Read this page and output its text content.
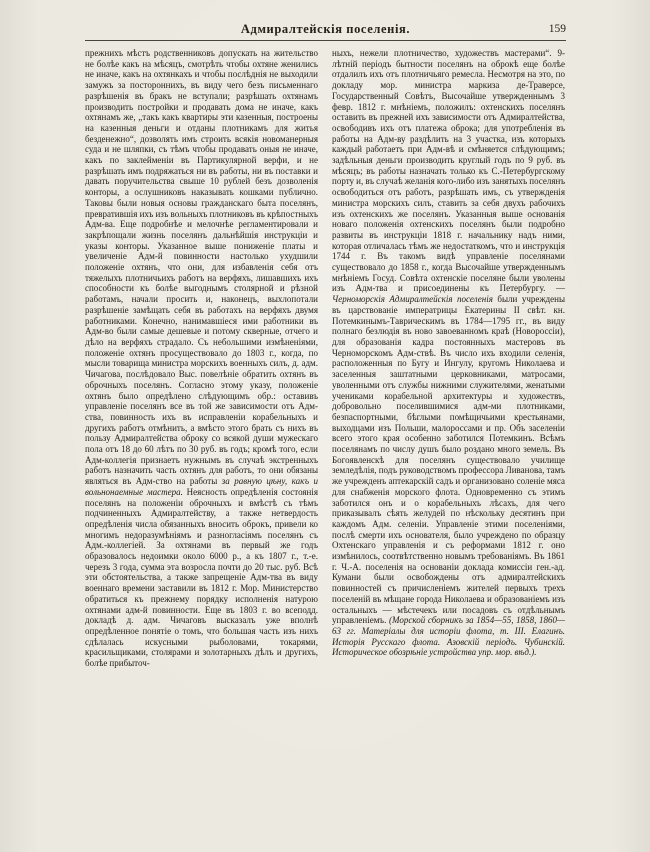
Адмиралтейскія поселенія.	159
прежнихъ мѣстъ родственниковъ допускать на жительство не болѣе какъ на мѣсяцъ, смотрѣть чтобы охтяне женились не иначе, какъ на охтянкахъ и чтобы послѣднія не выходили замужъ за постороннихъ, въ виду чего безъ письменнаго разрѣшенія въ бракъ не вступали; разрѣшать охтянамъ производить постройки и продавать дома не иначе, какъ охтянамъ же, „такъ какъ квартиры эти казенныя, построены на казенныя деньги и отданы плотникамъ для житья безденежно“, дозволять имъ строить всякія новоманерныя суда и не шляпки, съ тѣмъ чтобы продавать оныя не иначе, какъ по заклейменіи въ Партикулярной верфи, и не разрѣшать имъ подряжаться ни въ работы, ни въ поставки и давать поручительства свыше 10 рублей безъ дозволенія конторы, а ослушниковъ наказывать кошками публично. Таковы были новыя основы гражданскаго быта поселянъ, превратившія ихъ изъ вольныхъ плотниковъ въ крѣпостныхъ Адм-ва. Еще подробнѣе и мелочнѣе регламентировали и закрѣпощали жизнь поселянъ дальнѣйшія инструкціи и указы конторы. Указанное выше пониженіе платы и увеличеніе Адм-й повинности настолько ухудшили положеніе охтянъ, что они, для избавленія себя отъ тяжелыхъ плотничьихъ работъ на верфяхъ, лишавшихъ ихъ способности къ болѣе выгоднымъ столярной и рѣзной работамъ, начали просить и, наконецъ, выхлопотали разрѣшеніе замѣщать себя въ работахъ на верфяхъ двумя работниками. Конечно, нанимавшіеся ими работники въ Адм-во были самые дешевые и потому скверные, отчего и дѣло на верфяхъ страдало. Съ небольшими измѣненіями, положеніе охтянъ просуществовало до 1803 г., когда, по мысли товарища министра морскихъ военныхъ силъ, д. адм. Чичагова, послѣдовало Выс. повелѣніе обратить охтянъ въ оброчныхъ поселянъ. Согласно этому указу, положеніе охтянъ было опредѣлено слѣдующимъ обр.: оставивъ управленіе поселянъ все въ той же зависимости отъ Адм-ства, повинность ихъ въ исправленіи корабельныхъ и другихъ работъ отмѣнить, а вмѣсто этого брать съ нихъ въ пользу Адмиралтейства оброку со всякой души мужескаго пола отъ 18 до 60 лѣтъ по 30 руб. въ годъ; кромѣ того, если Адм-коллегія признаетъ нужнымъ въ случаѣ экстренныхъ работъ назначить часть охтянъ для работъ, то они обязаны являться въ Адм-ство на работы за равную цѣну, какъ и вольнонаемные мастера. Неясность опредѣленія состоянія поселянъ на положеніи оброчныхъ и вмѣстѣ съ тѣмъ подчиненныхъ Адмиралтейству, а также нетвердость опредѣленія числа обязанныхъ вносить оброкъ, привели ко многимъ недоразумѣніямъ и разногласіямъ поселянъ съ Адм.-коллегіей. За охтянами въ первый же годъ образовалось недоимки около 6000 р., а къ 1807 г., т.-е. черезъ 3 года, сумма эта возросла почти до 20 тыс. руб. Всѣ эти обстоятельства, а также запрещеніе Адм-тва въ виду военнаго времени заставили въ 1812 г. Мор. Министерство обратиться къ прежнему порядку исполненія натурою охтянами адм-й повинности. Еще въ 1803 г. во всеподд. докладѣ д. адм. Чичаговъ высказалъ уже вполнѣ опредѣленное понятіе о томъ, что большая часть изъ нихъ сдѣлалась искусными рыболовами, токарями, красильщиками, столярами и золотарныхъ дѣлъ и другихъ, болѣе прибыточ-
ныхъ, нежели плотничество, художествъ мастерами“. 9-лѣтній періодъ бытности поселянъ на оброкѣ еще болѣе отдалилъ ихъ отъ плотничьяго ремесла. Несмотря на это, по докладу мор. министра маркиза де-Траверсе, Государственный Совѣтъ, Высочайше утвержденнымъ 3 февр. 1812 г. мнѣніемъ, положилъ: охтенскихъ поселянъ оставить въ прежней ихъ зависимости отъ Адмиралтейства, освободивъ ихъ отъ платежа оброка; для употребленія въ работы на Адм-ву раздѣлить на 3 участка, изъ которыхъ каждый работаетъ при Адм-вѣ и смѣняется слѣдующимъ; задѣльныя деньги производить круглый годъ по 9 руб. въ мѣсяцъ; въ работы назначать только къ С.-Петербургскому порту и, въ случаѣ желанія кого-либо изъ занятыхъ поселянъ освободиться отъ работъ, разрѣшать имъ, съ утвержденія министра морскихъ силъ, ставить за себя двухъ рабочихъ изъ охтенскихъ же поселянъ. Указанныя выше основанія новаго положенія охтенскихъ поселянъ были подробно развиты въ инструкціи 1818 г. начальнику надъ ними, которая отличалась тѣмъ же недостаткомъ, что и инструкція 1744 г. Въ такомъ видѣ управленіе поселянами существовало до 1858 г., когда Высочайше утвержденнымъ мнѣніемъ Госуд. Совѣта охтенскіе поселяне были уволены изъ Адм-тва и присоединены къ Петербургу. — Черноморскія Адмиралтейскія поселенія были учреждены въ царствованіе императрицы Екатерины II свѣт. кн. Потемкинымъ-Таврическимъ въ 1784—1795 гг., въ виду полнаго безлюдія въ ново завоеванномъ краѣ (Новороссіи), для образованія кадра постоянныхъ мастеровъ въ Черноморскомъ Адм-ствѣ. Въ число ихъ входили селенія, расположенныя по Бугу и Ингулу, кругомъ Николаева и заселенныя заштатными церковниками, матросами, уволенными отъ службы нижними служителями, женатыми учениками корабельной архитектуры и художествъ, добровольно поселившимися адм-ми плотниками, безпаспортными, бѣглыми помѣщичьими крестьянами, выходцами изъ Польши, малороссами и пр. Объ заселеніи всего этого края особенно заботился Потемкинъ. Всѣмъ поселянамъ по числу душъ было роздано много земель. Въ Богоявленскѣ для поселянъ существовало училище земледѣлія, подъ руководствомъ профессора Ливанова, тамъ же учрежденъ аптекарскій садъ и организовано соленіе мяса для снабженія морского флота. Одновременно съ этимъ заботился онъ и о корабельныхъ лѣсахъ, для чего приказывалъ сѣять желудей по нѣскольку десятинъ при каждомъ Адм. селеніи. Управленіе этими поселеніями, послѣ смерти ихъ основателя, было учреждено по образцу Охтенскаго управленія и съ реформами 1812 г. оно измѣнилось, соотвѣтственно новымъ требованіямъ. Въ 1861 г. Ч.-А. поселенія на основаніи доклада комиссіи ген.-ад. Кумани были освобождены отъ адмиралтейскихъ повинностей съ причисленіемъ жителей первыхъ трехъ поселеній въ мѣщане города Николаева и образованіемъ изъ остальныхъ — мѣстечекъ или посадовъ съ отдѣльнымъ управленіемъ. (Морской сборникъ за 1854—55, 1858, 1860—63 гг. Матеріалы для исторіи флота, т. III. Елагинъ. Исторія Русскаго флота. Азовскій періодъ. Чубинскій. Историческое обозрѣніе устройства упр. мор. вѣд.).
